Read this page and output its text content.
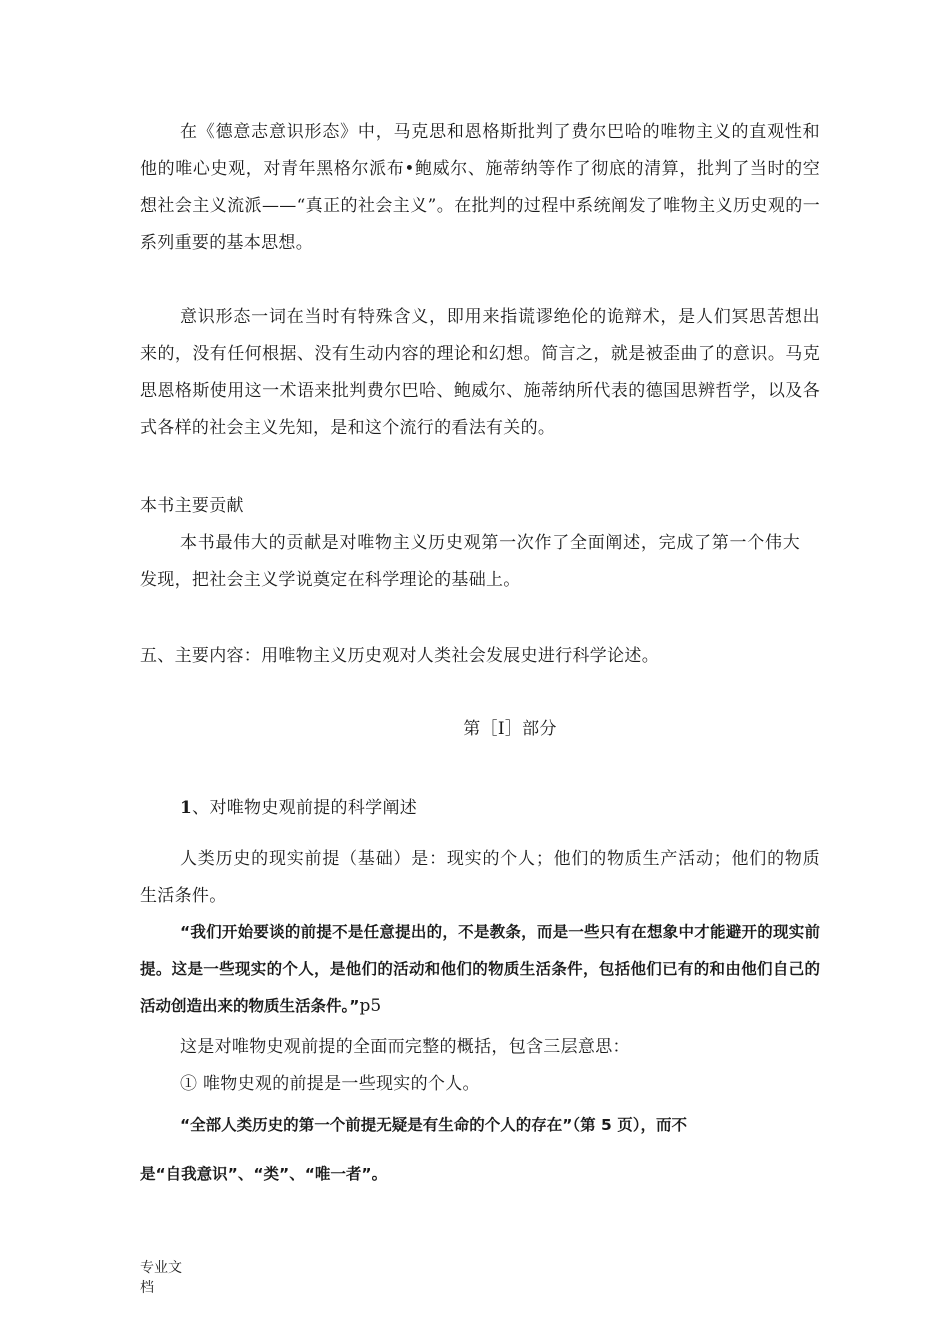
在《德意志意识形态》中，马克思和恩格斯批判了费尔巴哈的唯物主义的直观性和他的唯心史观，对青年黑格尔派布•鲍威尔、施蒂纳等作了彻底的清算，批判了当时的空想社会主义流派——“真正的社会主义”。在批判的过程中系统阐发了唯物主义历史观的一系列重要的基本思想。

意识形态一词在当时有特殊含义，即用来指谎谬绝伦的诡辩术，是人们冥思苦想出来的，没有任何根据、没有生动内容的理论和幻想。简言之，就是被歪曲了的意识。马克思恩格斯使用这一术语来批判费尔巴哈、鲍威尔、施蒂纳所代表的德国思辨哲学，以及各式各样的社会主义先知，是和这个流行的看法有关的。

本书主要贡献

本书最伟大的贡献是对唯物主义历史观第一次作了全面阐述，完成了第一个伟大发现，把社会主义学说奠定在科学理论的基础上。

五、主要内容：用唯物主义历史观对人类社会发展史进行科学论述。

第［I］部分

1、对唯物史观前提的科学阐述

人类历史的现实前提（基础）是：现实的个人；他们的物质生产活动；他们的物质生活条件。

“我们开始要谈的前提不是任意提出的，不是教条，而是一些只有在想象中才能避开的现实前提。这是一些现实的个人，是他们的活动和他们的物质生活条件，包括他们已有的和由他们自己的活动创造出来的物质生活条件。”p5

这是对唯物史观前提的全面而完整的概括，包含三层意思：

① 唯物史观的前提是一些现实的个人。

“全部人类历史的第一个前提无疑是有生命的个人的存在”（第 5 页），而不

是“自我意识”、“类”、“唯一者”。

专业文
档
